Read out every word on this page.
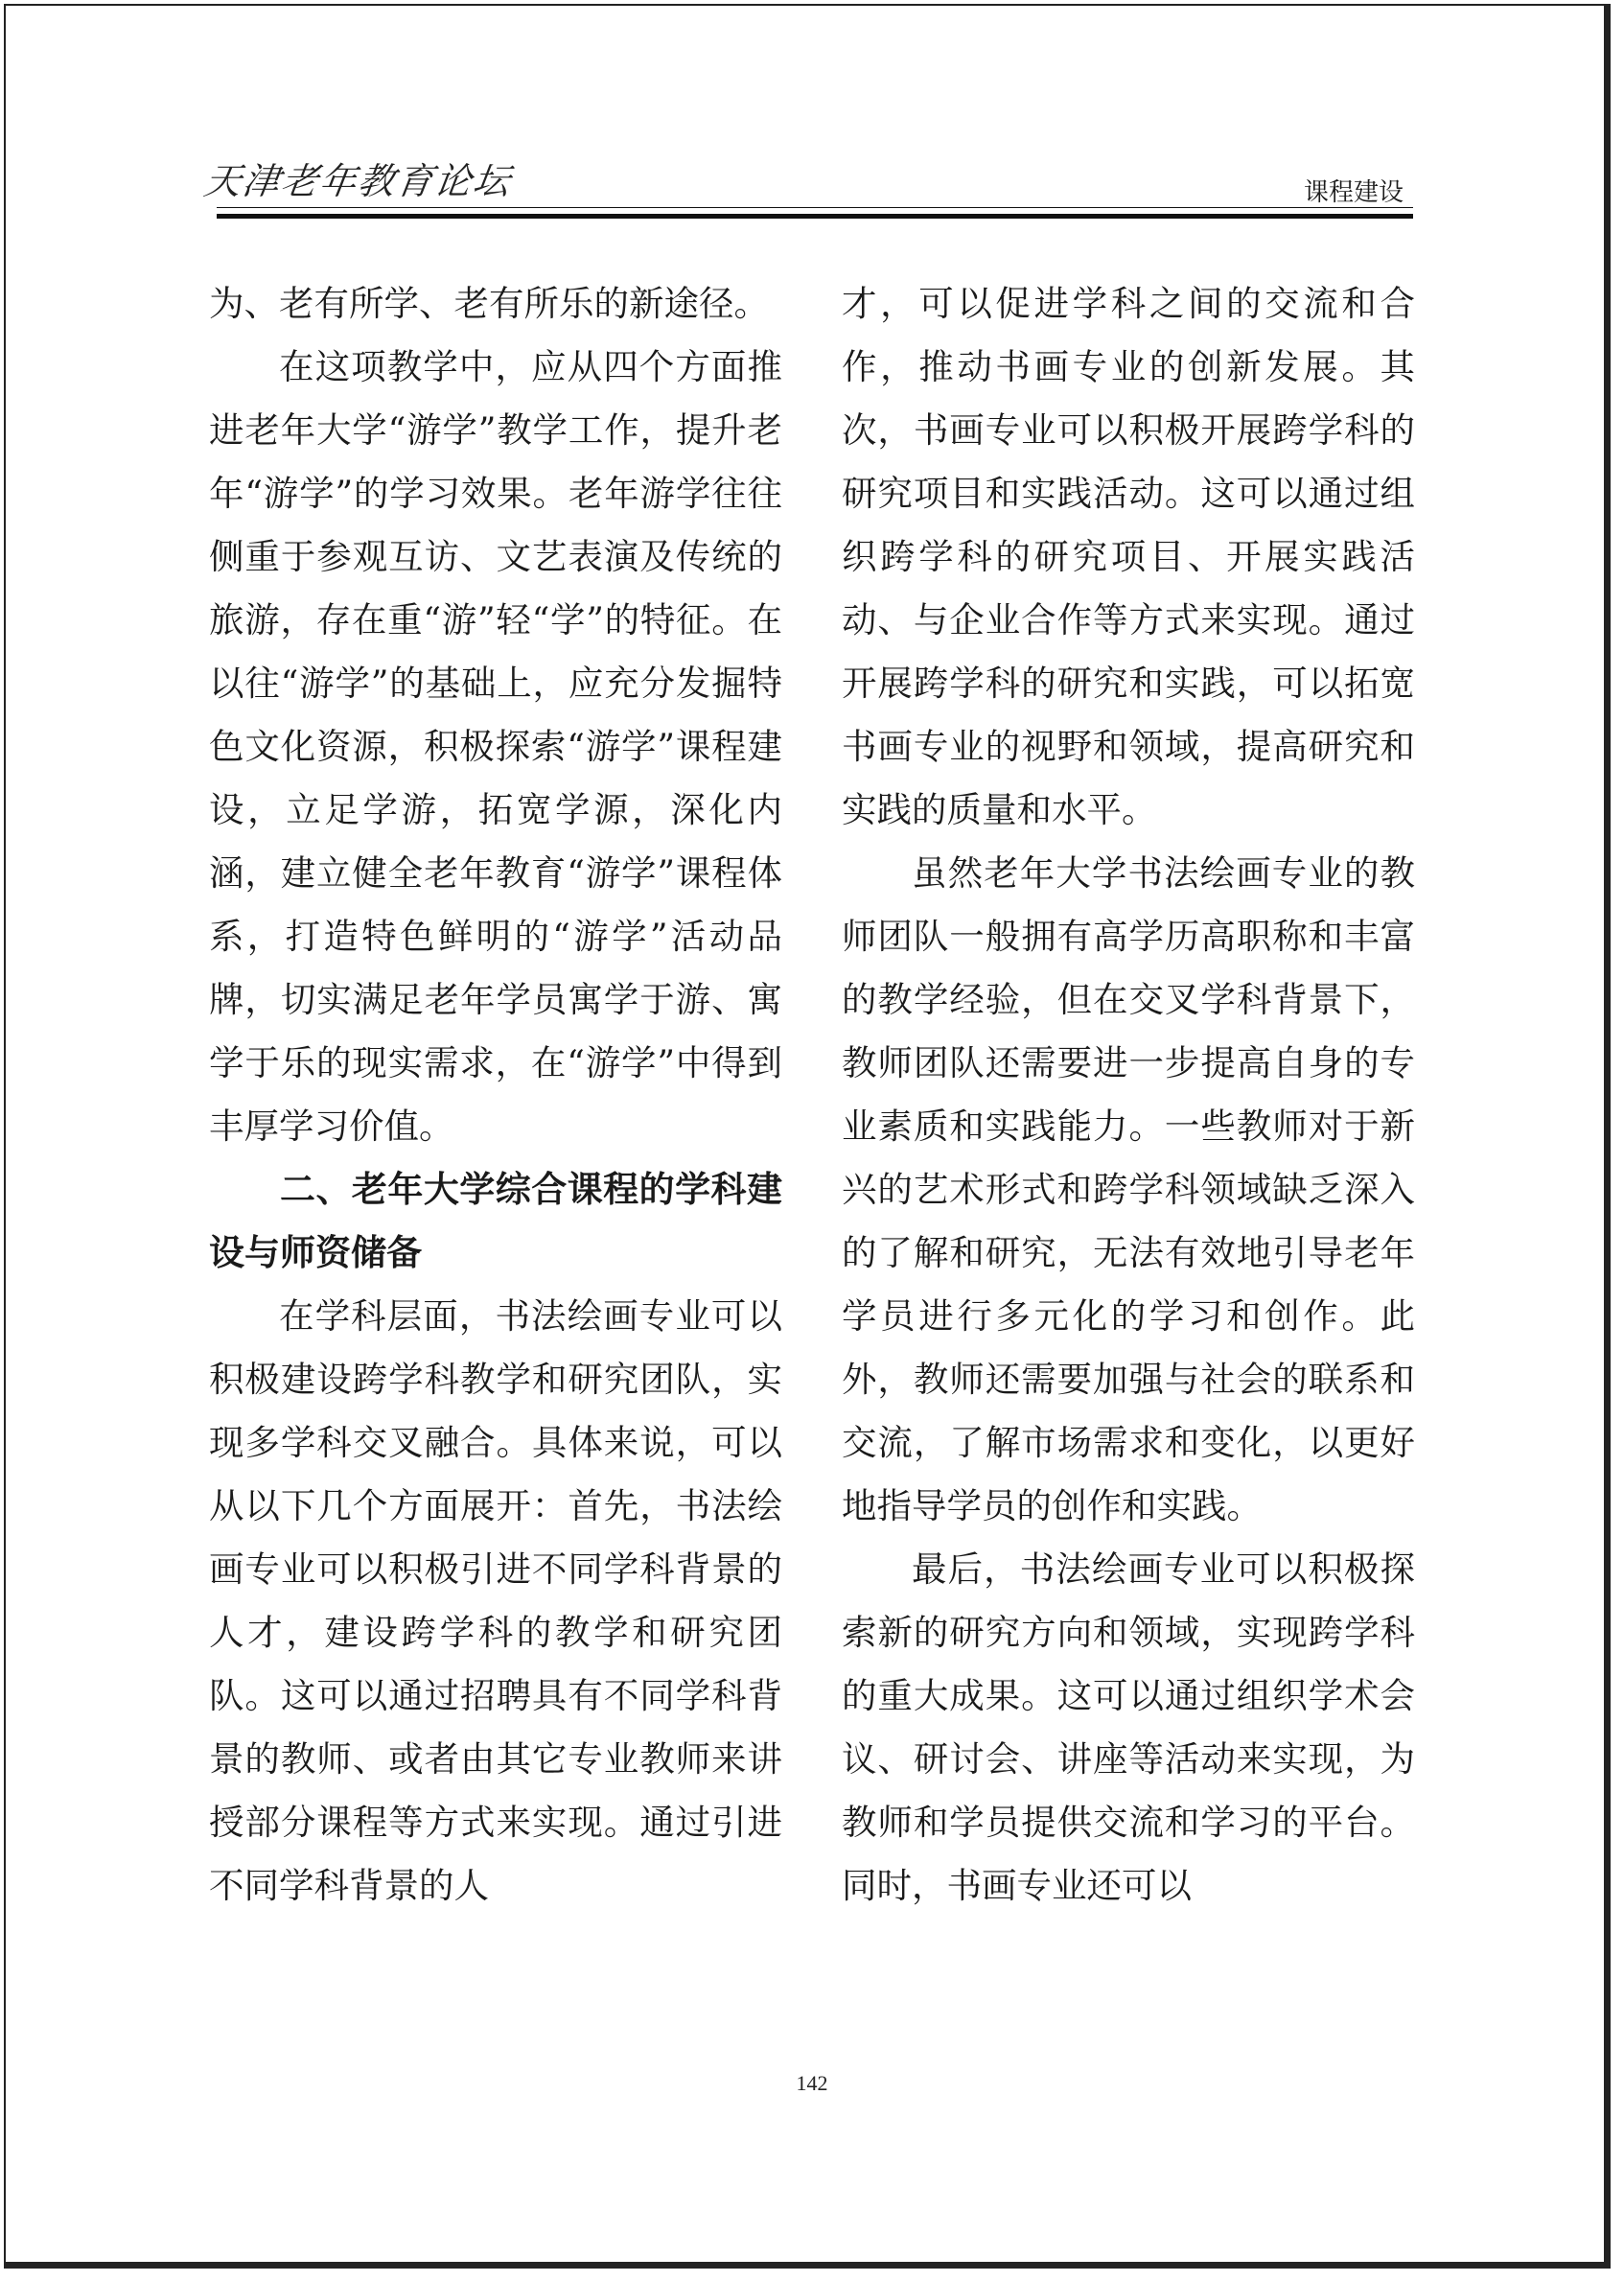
天津老年教育论坛	课程建设

为、老有所学、老有所乐的新途径。

在这项教学中，应从四个方面推进老年大学“游学”教学工作，提升老年“游学”的学习效果。老年游学往往侧重于参观互访、文艺表演及传统的旅游，存在重“游”轻“学”的特征。在以往“游学”的基础上，应充分发掘特色文化资源，积极探索“游学”课程建设，立足学游，拓宽学源，深化内涵，建立健全老年教育“游学”课程体系，打造特色鲜明的“游学”活动品牌，切实满足老年学员寓学于游、寓学于乐的现实需求，在“游学”中得到丰厚学习价值。

二、老年大学综合课程的学科建设与师资储备

在学科层面，书法绘画专业可以积极建设跨学科教学和研究团队，实现多学科交叉融合。具体来说，可以从以下几个方面展开：首先，书法绘画专业可以积极引进不同学科背景的人才，建设跨学科的教学和研究团队。这可以通过招聘具有不同学科背景的教师、或者由其它专业教师来讲授部分课程等方式来实现。通过引进不同学科背景的人

才，可以促进学科之间的交流和合作，推动书画专业的创新发展。其次，书画专业可以积极开展跨学科的研究项目和实践活动。这可以通过组织跨学科的研究项目、开展实践活动、与企业合作等方式来实现。通过开展跨学科的研究和实践，可以拓宽书画专业的视野和领域，提高研究和实践的质量和水平。

虽然老年大学书法绘画专业的教师团队一般拥有高学历高职称和丰富的教学经验，但在交叉学科背景下，教师团队还需要进一步提高自身的专业素质和实践能力。一些教师对于新兴的艺术形式和跨学科领域缺乏深入的了解和研究，无法有效地引导老年学员进行多元化的学习和创作。此外，教师还需要加强与社会的联系和交流，了解市场需求和变化，以更好地指导学员的创作和实践。

最后，书法绘画专业可以积极探索新的研究方向和领域，实现跨学科的重大成果。这可以通过组织学术会议、研讨会、讲座等活动来实现，为教师和学员提供交流和学习的平台。同时，书画专业还可以

142
